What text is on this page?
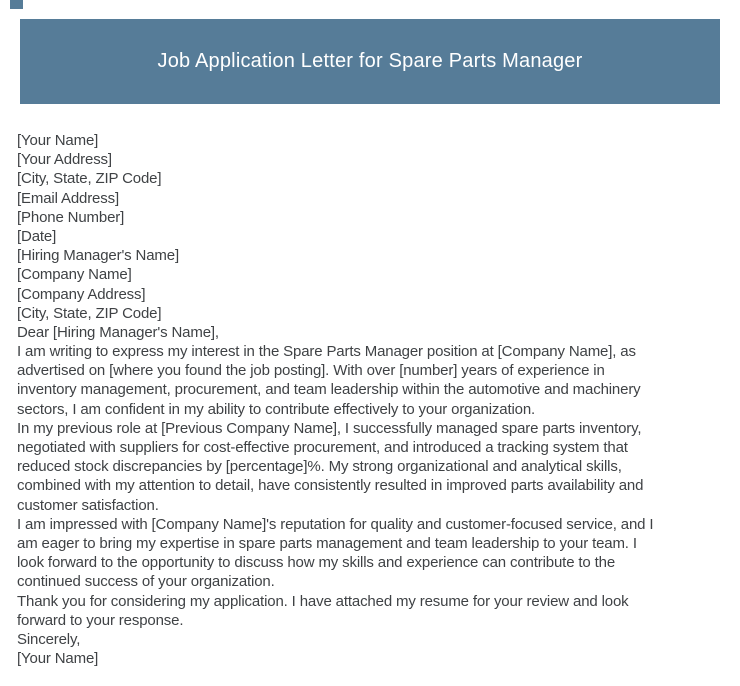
Job Application Letter for Spare Parts Manager
[Your Name]
[Your Address]
[City, State, ZIP Code]
[Email Address]
[Phone Number]
[Date]
[Hiring Manager's Name]
[Company Name]
[Company Address]
[City, State, ZIP Code]
Dear [Hiring Manager's Name],
I am writing to express my interest in the Spare Parts Manager position at [Company Name], as
advertised on [where you found the job posting]. With over [number] years of experience in
inventory management, procurement, and team leadership within the automotive and machinery
sectors, I am confident in my ability to contribute effectively to your organization.
In my previous role at [Previous Company Name], I successfully managed spare parts inventory,
negotiated with suppliers for cost-effective procurement, and introduced a tracking system that
reduced stock discrepancies by [percentage]%. My strong organizational and analytical skills,
combined with my attention to detail, have consistently resulted in improved parts availability and
customer satisfaction.
I am impressed with [Company Name]'s reputation for quality and customer-focused service, and I
am eager to bring my expertise in spare parts management and team leadership to your team. I
look forward to the opportunity to discuss how my skills and experience can contribute to the
continued success of your organization.
Thank you for considering my application. I have attached my resume for your review and look
forward to your response.
Sincerely,
[Your Name]
